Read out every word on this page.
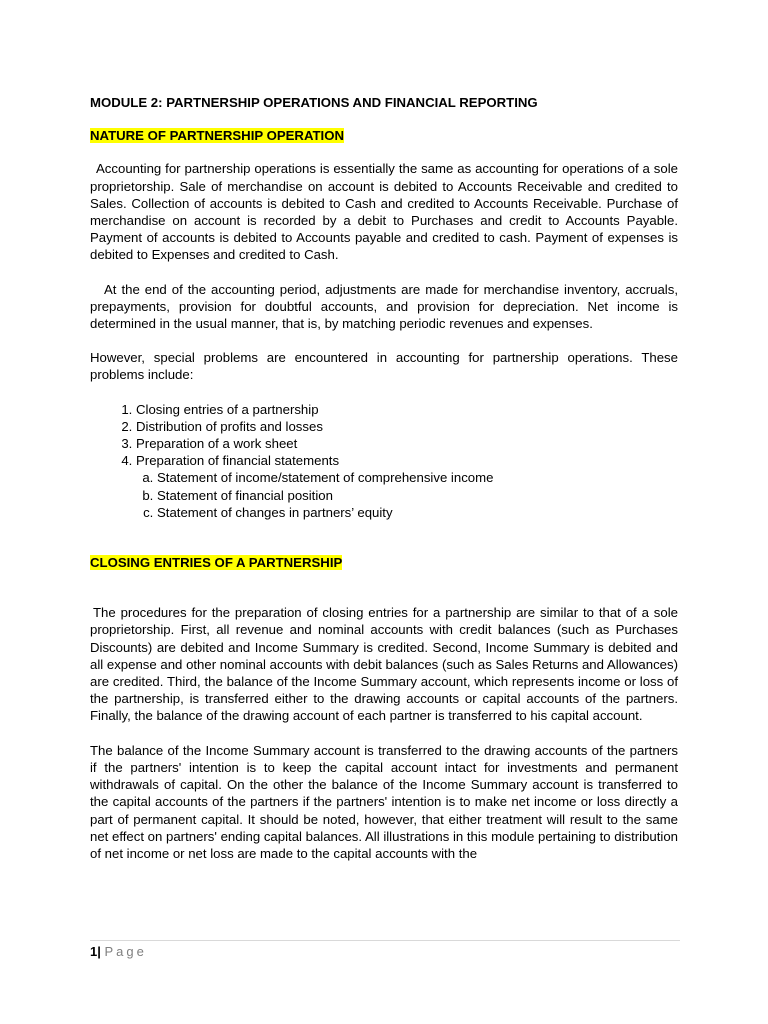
MODULE 2: PARTNERSHIP OPERATIONS AND FINANCIAL REPORTING

NATURE OF PARTNERSHIP OPERATION

Accounting for partnership operations is essentially the same as accounting for operations of a sole proprietorship. Sale of merchandise on account is debited to Accounts Receivable and credited to Sales. Collection of accounts is debited to Cash and credited to Accounts Receivable. Purchase of merchandise on account is recorded by a debit to Purchases and credit to Accounts Payable. Payment of accounts is debited to Accounts payable and credited to cash. Payment of expenses is debited to Expenses and credited to Cash.

At the end of the accounting period, adjustments are made for merchandise inventory, accruals, prepayments, provision for doubtful accounts, and provision for depreciation. Net income is determined in the usual manner, that is, by matching periodic revenues and expenses.

However, special problems are encountered in accounting for partnership operations. These problems include:

1. Closing entries of a partnership
2. Distribution of profits and losses
3. Preparation of a work sheet
4. Preparation of financial statements
a. Statement of income/statement of comprehensive income
b. Statement of financial position
c. Statement of changes in partners’ equity

CLOSING ENTRIES OF A PARTNERSHIP

The procedures for the preparation of closing entries for a partnership are similar to that of a sole proprietorship. First, all revenue and nominal accounts with credit balances (such as Purchases Discounts) are debited and Income Summary is credited. Second, Income Summary is debited and all expense and other nominal accounts with debit balances (such as Sales Returns and Allowances) are credited. Third, the balance of the Income Summary account, which represents income or loss of the partnership, is transferred either to the drawing accounts or capital accounts of the partners. Finally, the balance of the drawing account of each partner is transferred to his capital account.

The balance of the Income Summary account is transferred to the drawing accounts of the partners if the partners' intention is to keep the capital account intact for investments and permanent withdrawals of capital. On the other the balance of the Income Summary account is transferred to the capital accounts of the partners if the partners' intention is to make net income or loss directly a part of permanent capital. It should be noted, however, that either treatment will result to the same net effect on partners' ending capital balances. All illustrations in this module pertaining to distribution of net income or net loss are made to the capital accounts with the

1| Page
